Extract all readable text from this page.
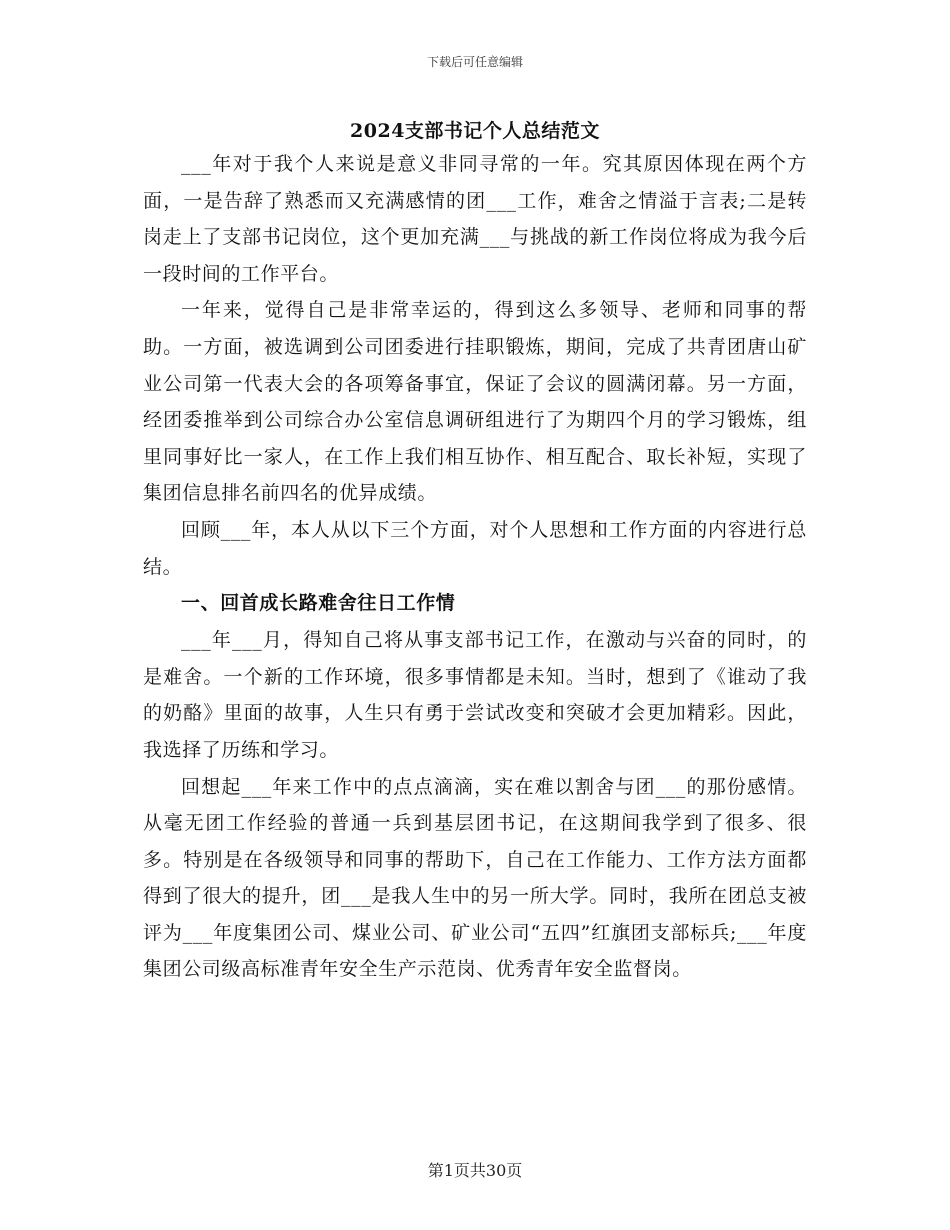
下载后可任意编辑
2024支部书记个人总结范文

___年对于我个人来说是意义非同寻常的一年。究其原因体现在两个方面，一是告辞了熟悉而又充满感情的团___工作，难舍之情溢于言表;二是转岗走上了支部书记岗位，这个更加充满___与挑战的新工作岗位将成为我今后一段时间的工作平台。

一年来，觉得自己是非常幸运的，得到这么多领导、老师和同事的帮助。一方面，被选调到公司团委进行挂职锻炼，期间，完成了共青团唐山矿业公司第一代表大会的各项筹备事宜，保证了会议的圆满闭幕。另一方面，经团委推举到公司综合办公室信息调研组进行了为期四个月的学习锻炼，组里同事好比一家人，在工作上我们相互协作、相互配合、取长补短，实现了集团信息排名前四名的优异成绩。

回顾___年，本人从以下三个方面，对个人思想和工作方面的内容进行总结。

一、回首成长路难舍往日工作情

___年___月，得知自己将从事支部书记工作，在激动与兴奋的同时，的是难舍。一个新的工作环境，很多事情都是未知。当时，想到了《谁动了我的奶酪》里面的故事，人生只有勇于尝试改变和突破才会更加精彩。因此，我选择了历练和学习。

回想起___年来工作中的点点滴滴，实在难以割舍与团___的那份感情。从毫无团工作经验的普通一兵到基层团书记，在这期间我学到了很多、很多。特别是在各级领导和同事的帮助下，自己在工作能力、工作方法方面都得到了很大的提升，团___是我人生中的另一所大学。同时，我所在团总支被评为___年度集团公司、煤业公司、矿业公司“五四”红旗团支部标兵;___年度集团公司级高标准青年安全生产示范岗、优秀青年安全监督岗。

第1页共30页
